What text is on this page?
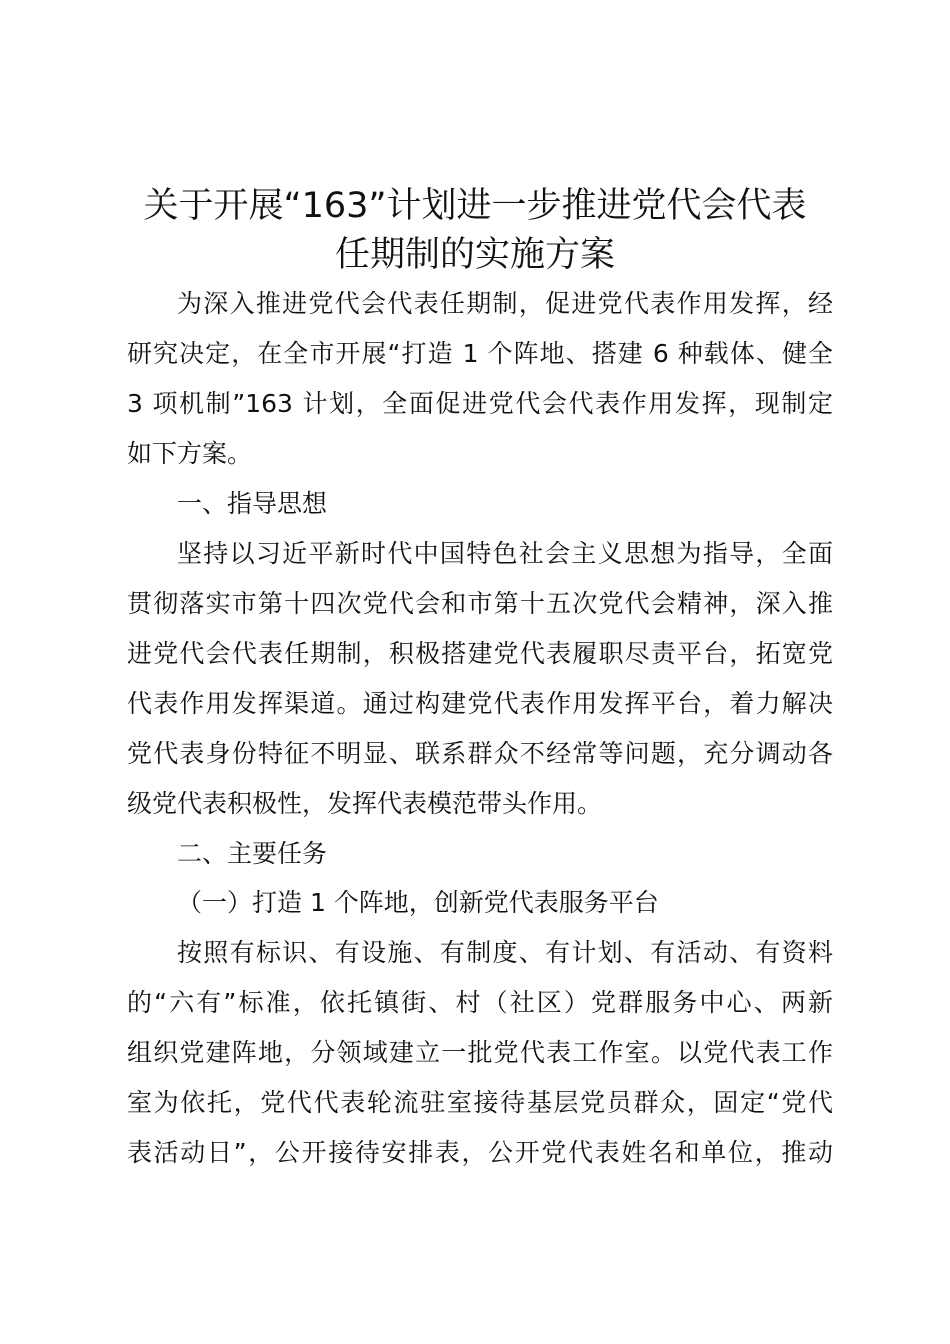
关于开展“163”计划进一步推进党代会代表
任期制的实施方案
为深入推进党代会代表任期制，促进党代表作用发挥，经
研究决定，在全市开展“打造 1 个阵地、搭建 6 种载体、健全
3 项机制”163 计划，全面促进党代会代表作用发挥，现制定
如下方案。
一、指导思想
坚持以习近平新时代中国特色社会主义思想为指导，全面
贯彻落实市第十四次党代会和市第十五次党代会精神，深入推
进党代会代表任期制，积极搭建党代表履职尽责平台，拓宽党
代表作用发挥渠道。通过构建党代表作用发挥平台，着力解决
党代表身份特征不明显、联系群众不经常等问题，充分调动各
级党代表积极性，发挥代表模范带头作用。
二、主要任务
（一）打造 1 个阵地，创新党代表服务平台
按照有标识、有设施、有制度、有计划、有活动、有资料
的“六有”标准，依托镇街、村（社区）党群服务中心、两新
组织党建阵地，分领域建立一批党代表工作室。以党代表工作
室为依托，党代代表轮流驻室接待基层党员群众，固定“党代
表活动日”，公开接待安排表，公开党代表姓名和单位，推动
